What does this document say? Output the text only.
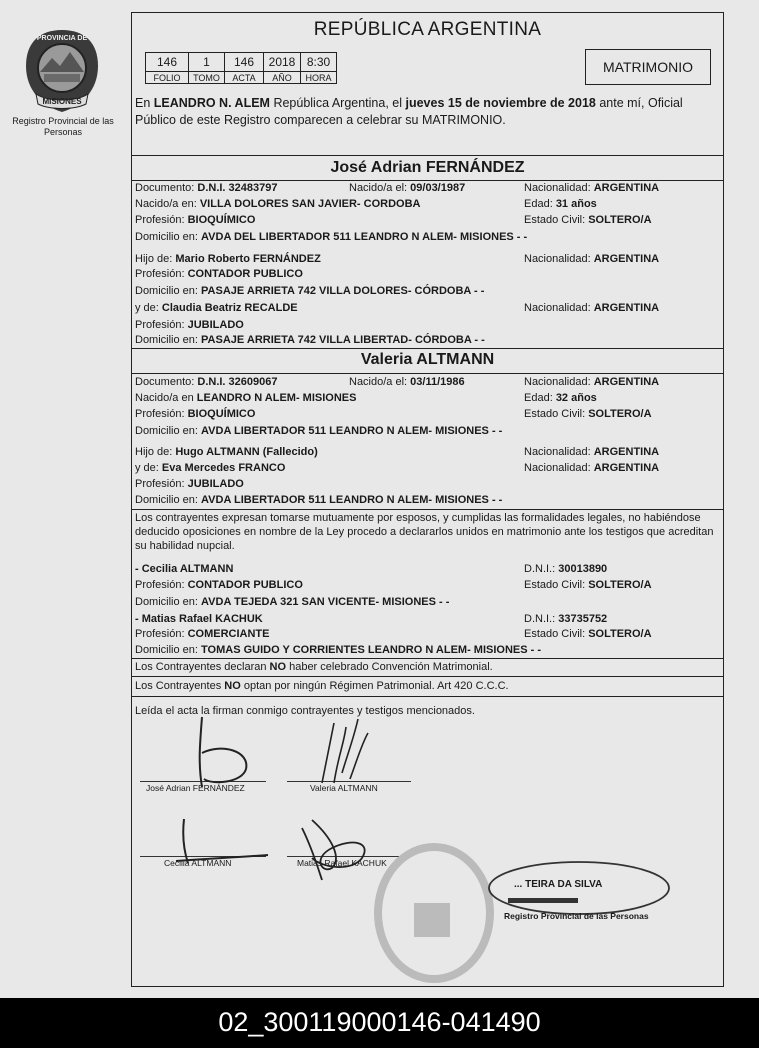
PROVINCIA DE
MISIONES
Registro Provincial de las Personas
REPÚBLICA ARGENTINA
146	1	146	2018	8:30
FOLIO	TOMO	ACTA	AÑO	HORA
MATRIMONIO
En LEANDRO N. ALEM República Argentina, el jueves 15 de noviembre de 2018 ante mí, Oficial Público de este Registro comparecen a celebrar su MATRIMONIO.
José Adrian FERNÁNDEZ
Documento: D.N.I. 32483797	Nacido/a el: 09/03/1987	Nacionalidad: ARGENTINA
Nacido/a en: VILLA DOLORES SAN JAVIER- CORDOBA	Edad: 31 años
Profesión: BIOQUÍMICO	Estado Civil: SOLTERO/A
Domicilio en: AVDA DEL LIBERTADOR 511 LEANDRO N ALEM- MISIONES - -
Hijo de: Mario Roberto FERNÁNDEZ	Nacionalidad: ARGENTINA
Profesión: CONTADOR PUBLICO
Domicilio en: PASAJE ARRIETA 742 VILLA DOLORES- CÓRDOBA - -
y de: Claudia Beatriz RECALDE	Nacionalidad: ARGENTINA
Profesión: JUBILADO
Domicilio en: PASAJE ARRIETA 742 VILLA LIBERTAD- CÓRDOBA - -
Valeria ALTMANN
Documento: D.N.I. 32609067	Nacido/a el: 03/11/1986	Nacionalidad: ARGENTINA
Nacido/a en LEANDRO N ALEM- MISIONES	Edad: 32 años
Profesión: BIOQUÍMICO	Estado Civil: SOLTERO/A
Domicilio en: AVDA LIBERTADOR 511 LEANDRO N ALEM- MISIONES - -
Hijo de: Hugo ALTMANN (Fallecido)	Nacionalidad: ARGENTINA
y de: Eva Mercedes FRANCO	Nacionalidad: ARGENTINA
Profesión: JUBILADO
Domicilio en: AVDA LIBERTADOR 511 LEANDRO N ALEM- MISIONES - -
Los contrayentes expresan tomarse mutuamente por esposos, y cumplidas las formalidades legales, no habiéndose deducido oposiciones en nombre de la Ley procedo a declararlos unidos en matrimonio ante los testigos que acreditan su habilidad nupcial.
- Cecilia ALTMANN	D.N.I.: 30013890
Profesión: CONTADOR PUBLICO	Estado Civil: SOLTERO/A
Domicilio en: AVDA TEJEDA 321 SAN VICENTE- MISIONES - -
- Matias Rafael KACHUK	D.N.I.: 33735752
Profesión: COMERCIANTE	Estado Civil: SOLTERO/A
Domicilio en: TOMAS GUIDO Y CORRIENTES LEANDRO N ALEM- MISIONES - -
Los Contrayentes declaran NO haber celebrado Convención Matrimonial.
Los Contrayentes NO optan por ningún Régimen Patrimonial. Art 420 C.C.C.
Leída el acta la firman conmigo contrayentes y testigos mencionados.
José Adrian FERNÁNDEZ	Valeria ALTMANN
Cecilia ALTMANN	Matias Rafael KACHUK
... TEIRA DA SILVA
Registro Provincial de las Personas
02_300119000146-041490
